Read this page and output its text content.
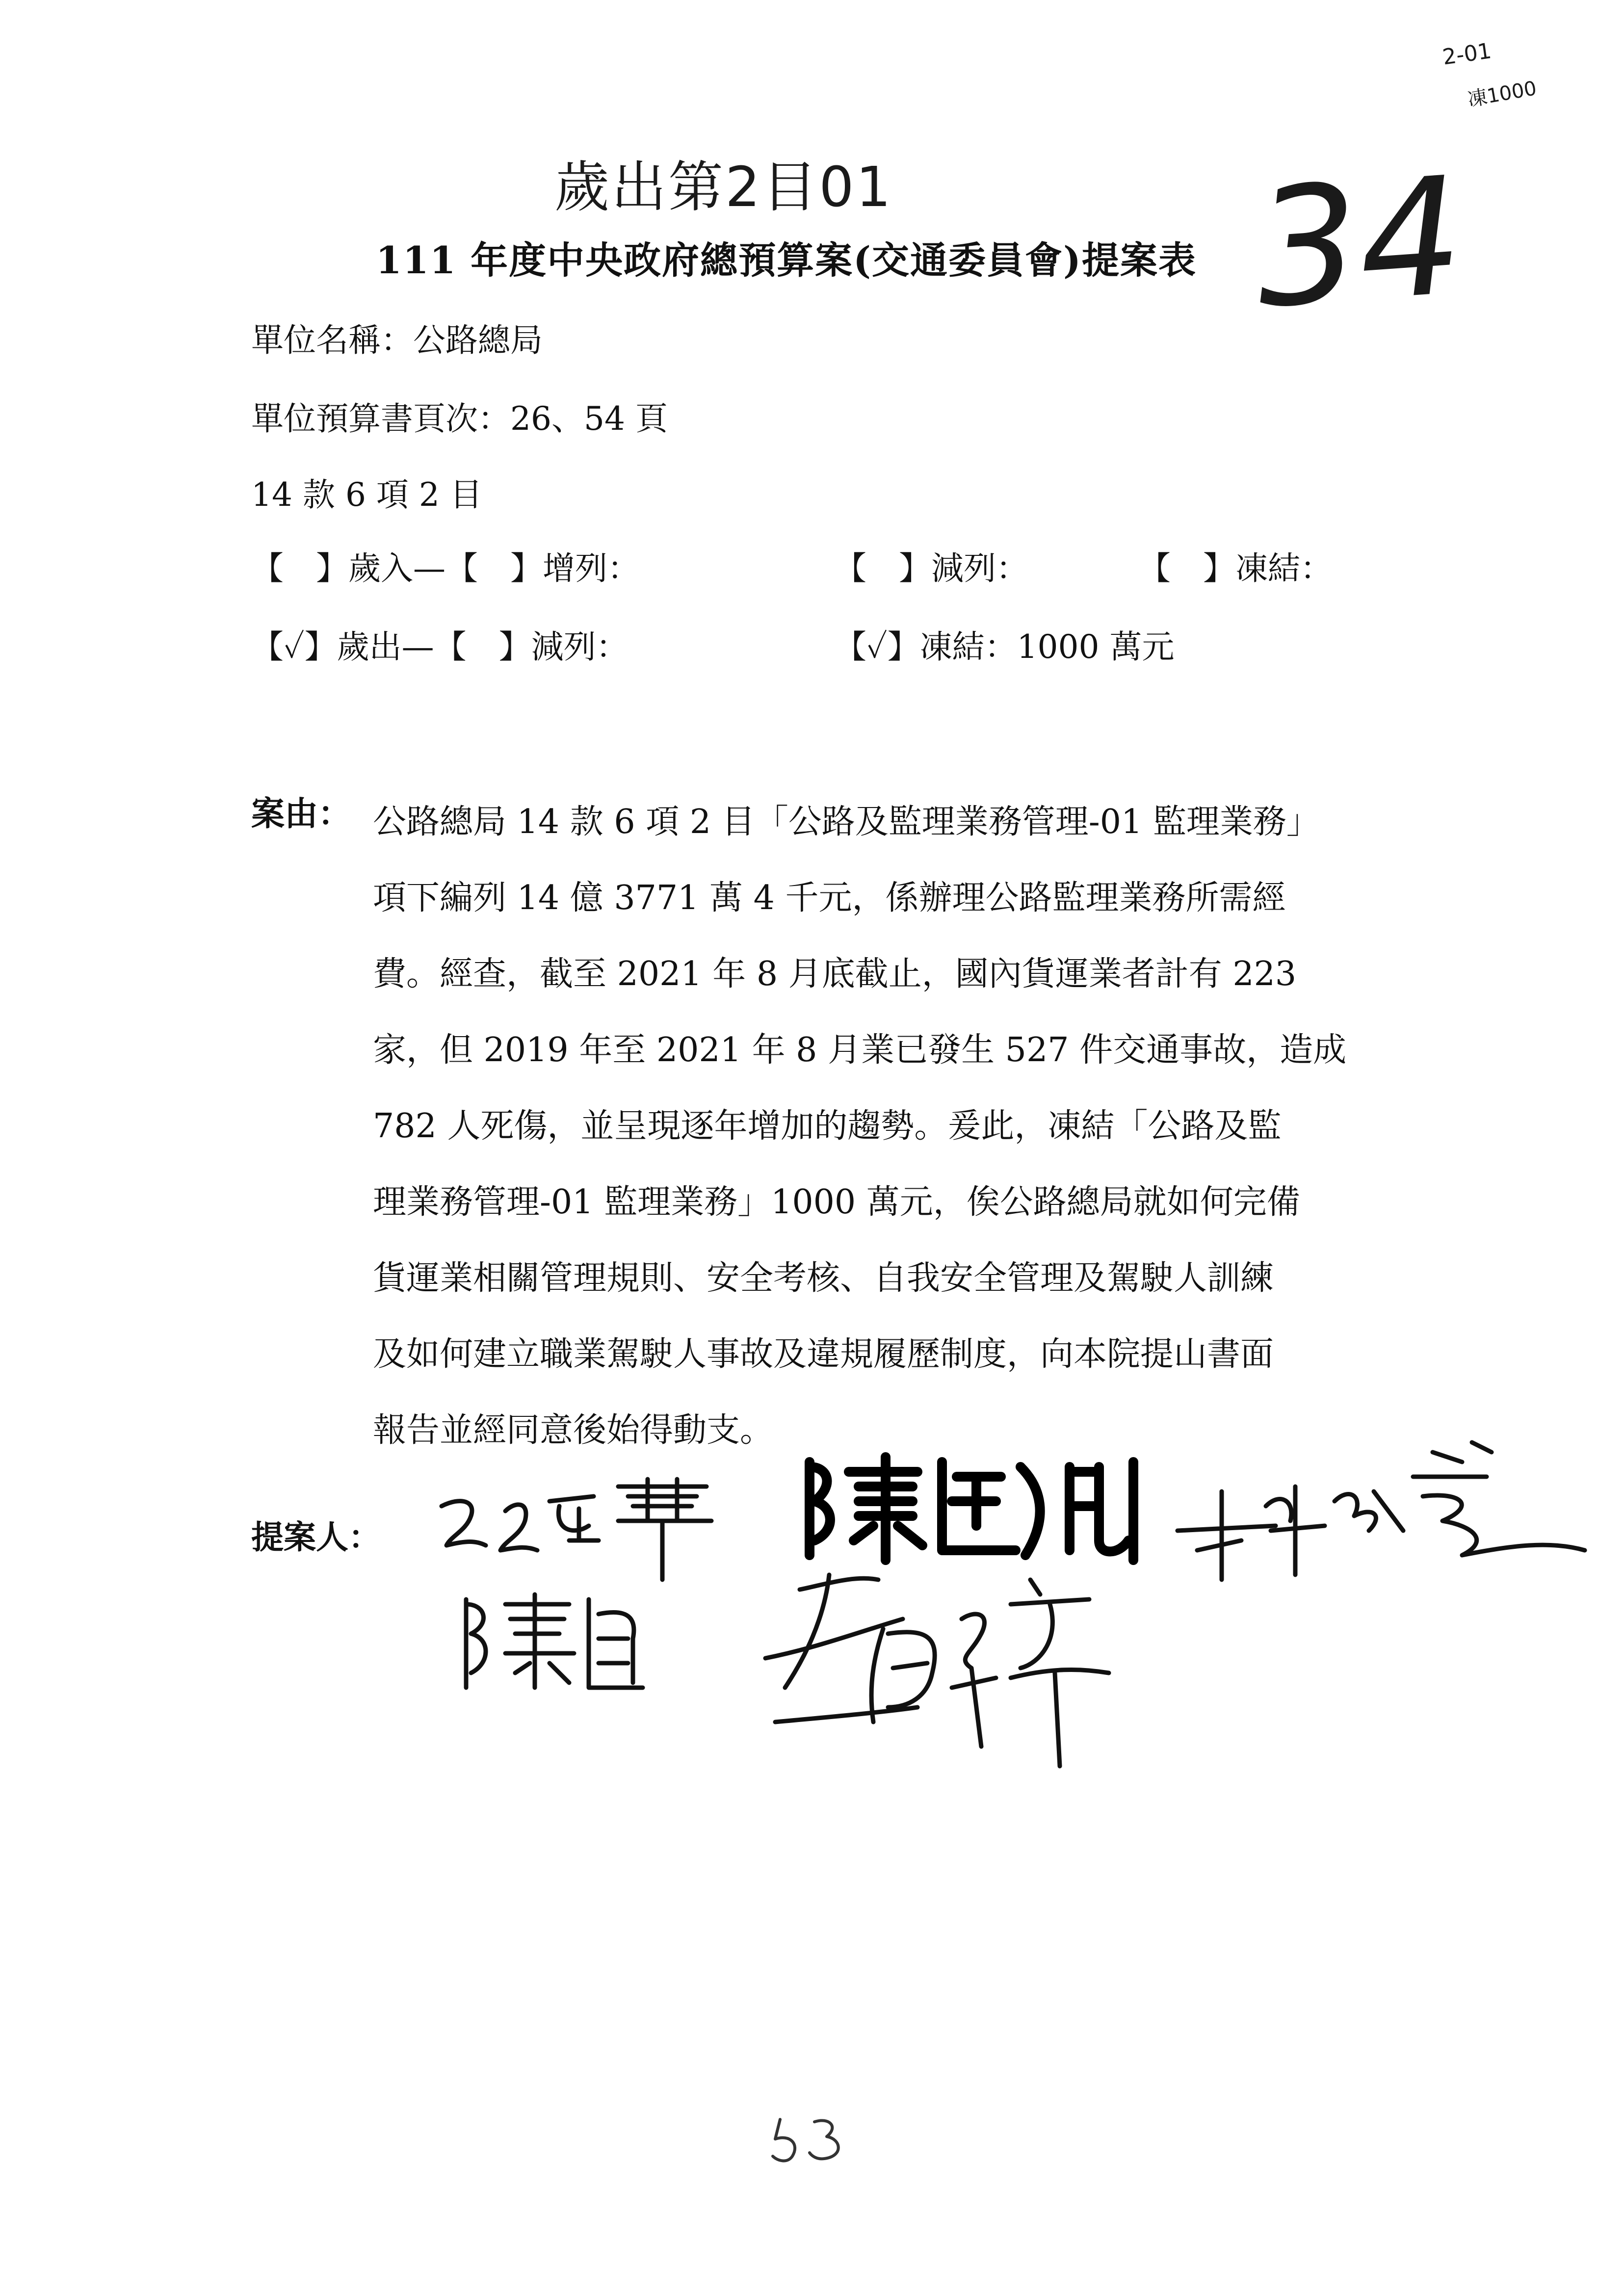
2-01
凍1000
歲出第2目01
111 年度中央政府總預算案(交通委員會)提案表 34
單位名稱：公路總局
單位預算書頁次：26、54 頁
14 款 6 項 2 目
【　】歲入—【　】增列：	【　】減列：	【　】凍結：
【✓】歲出—【　】減列：	【✓】凍結：1000 萬元
案由： 公路總局 14 款 6 項 2 目「公路及監理業務管理-01 監理業務」
項下編列 14 億 3771 萬 4 千元，係辦理公路監理業務所需經
費。經查，截至 2021 年 8 月底截止，國內貨運業者計有 223
家，但 2019 年至 2021 年 8 月業已發生 527 件交通事故，造成
782 人死傷，並呈現逐年增加的趨勢。爰此，凍結「公路及監
理業務管理-01 監理業務」1000 萬元，俟公路總局就如何完備
貨運業相關管理規則、安全考核、自我安全管理及駕駛人訓練
及如何建立職業駕駛人事故及違規履歷制度，向本院提山書面
報告並經同意後始得動支。
提案人：
